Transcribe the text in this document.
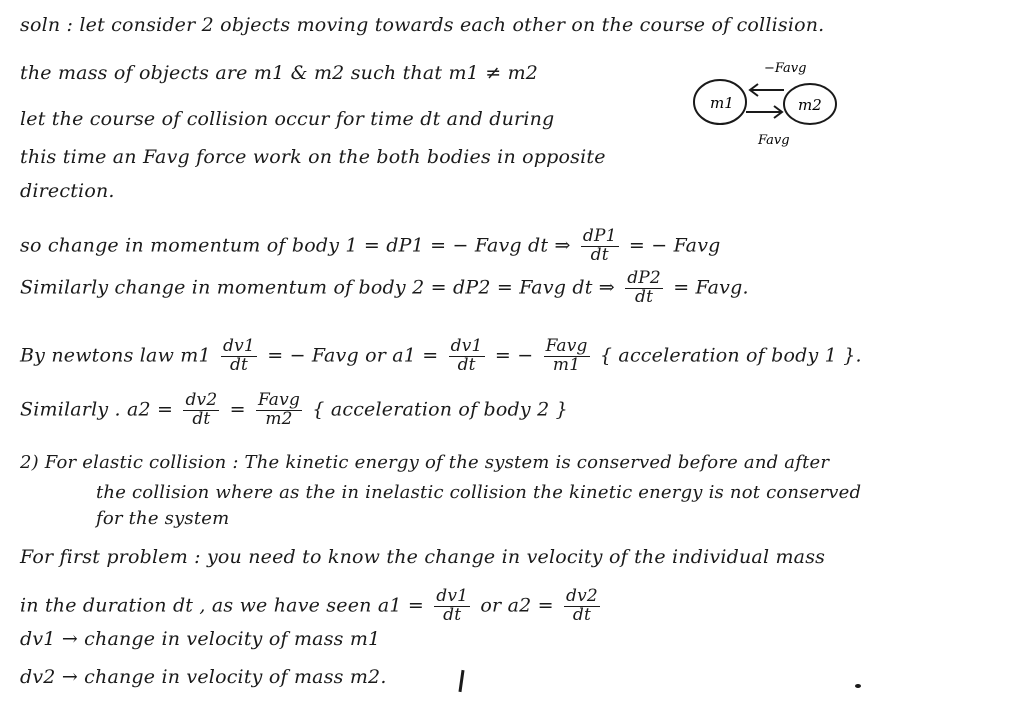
soln : let consider 2 objects moving towards each other on the course of collision.
the mass of objects are m1 & m2 such that m1 ≠ m2
let the course of collision occur for time dt and during
this time an Favg force work on the both bodies in opposite
direction.
m1	m2
−Favg
Favg
so change in momentum of body 1 = dP1 = − Favg dt ⇒ $\frac{dP1}{dt}$ = − Favg
Similarly change in momentum of body 2 = dP2 = Favg dt ⇒ $\frac{dP2}{dt}$ = Favg.
By newtons law $m1 \frac{dv1}{dt}$ = − Favg or $a1 = \frac{dv1}{dt}$ = − $\frac{\text{Favg}}{m1}$ { acceleration of body 1 }.
Similarly . $a2 = \frac{dv2}{dt} = \frac{\text{Favg}}{m2}$ { acceleration of body 2 }
2) For elastic collision : The kinetic energy of the system is conserved before and after
the collision where as the in inelastic collision the kinetic energy is not conserved
for the system
For first problem : you need to know the change in velocity of the individual mass
in the duration dt , as we have seen $a1 = \frac{dv1}{dt}$ or $a2 = \frac{dv2}{dt}$
dv1 → change in velocity of mass m1
dv2 → change in velocity of mass m2.
